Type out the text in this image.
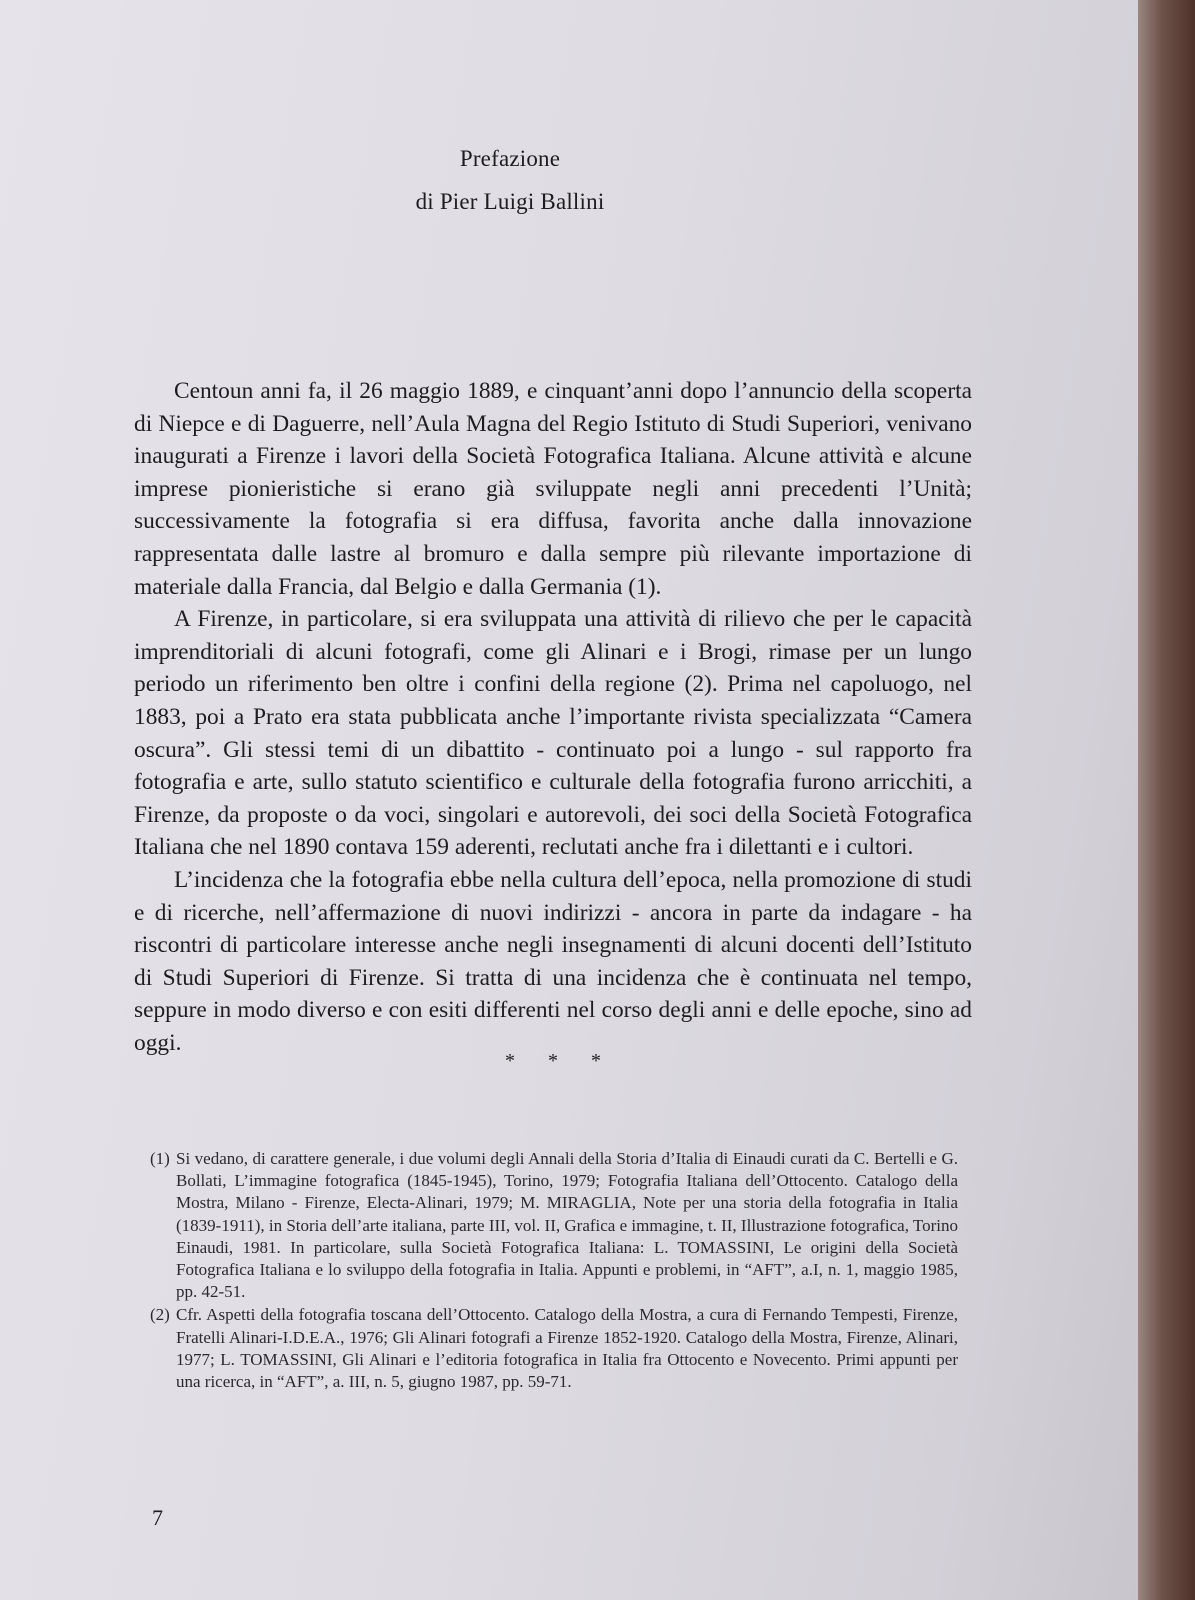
Prefazione
di Pier Luigi Ballini

Centoun anni fa, il 26 maggio 1889, e cinquant’anni dopo l’annuncio della scoperta di Niepce e di Daguerre, nell’Aula Magna del Regio Istituto di Studi Superiori, venivano inaugurati a Firenze i lavori della Società Fotografica Italiana. Alcune attività e alcune imprese pionieristiche si erano già sviluppate negli anni precedenti l’Unità; successivamente la fotografia si era diffusa, favorita anche dalla innovazione rappresentata dalle lastre al bromuro e dalla sempre più rilevante importazione di materiale dalla Francia, dal Belgio e dalla Germania (1).

A Firenze, in particolare, si era sviluppata una attività di rilievo che per le capacità imprenditoriali di alcuni fotografi, come gli Alinari e i Brogi, rimase per un lungo periodo un riferimento ben oltre i confini della regione (2). Prima nel capoluogo, nel 1883, poi a Prato era stata pubblicata anche l’importante rivista specializzata “Camera oscura”. Gli stessi temi di un dibattito - continuato poi a lungo - sul rapporto fra fotografia e arte, sullo statuto scientifico e culturale della fotografia furono arricchiti, a Firenze, da proposte o da voci, singolari e autorevoli, dei soci della Società Fotografica Italiana che nel 1890 contava 159 aderenti, reclutati anche fra i dilettanti e i cultori.

L’incidenza che la fotografia ebbe nella cultura dell’epoca, nella promozione di studi e di ricerche, nell’affermazione di nuovi indirizzi - ancora in parte da indagare - ha riscontri di particolare interesse anche negli insegnamenti di alcuni docenti dell’Istituto di Studi Superiori di Firenze. Si tratta di una incidenza che è continuata nel tempo, seppure in modo diverso e con esiti differenti nel corso degli anni e delle epoche, sino ad oggi.

* * *
(1) Si vedano, di carattere generale, i due volumi degli Annali della Storia d’Italia di Einaudi curati da C. Bertelli e G. Bollati, L’immagine fotografica (1845-1945), Torino, 1979; Fotografia Italiana dell’Ottocento. Catalogo della Mostra, Milano - Firenze, Electa-Alinari, 1979; M. MIRAGLIA, Note per una storia della fotografia in Italia (1839-1911), in Storia dell’arte italiana, parte III, vol. II, Grafica e immagine, t. II, Illustrazione fotografica, Torino Einaudi, 1981. In particolare, sulla Società Fotografica Italiana: L. TOMASSINI, Le origini della Società Fotografica Italiana e lo sviluppo della fotografia in Italia. Appunti e problemi, in “AFT”, a.I, n. 1, maggio 1985, pp. 42-51.
(2) Cfr. Aspetti della fotografia toscana dell’Ottocento. Catalogo della Mostra, a cura di Fernando Tempesti, Firenze, Fratelli Alinari-I.D.E.A., 1976; Gli Alinari fotografi a Firenze 1852-1920. Catalogo della Mostra, Firenze, Alinari, 1977; L. TOMASSINI, Gli Alinari e l’editoria fotografica in Italia fra Ottocento e Novecento. Primi appunti per una ricerca, in “AFT”, a. III, n. 5, giugno 1987, pp. 59-71.
7
